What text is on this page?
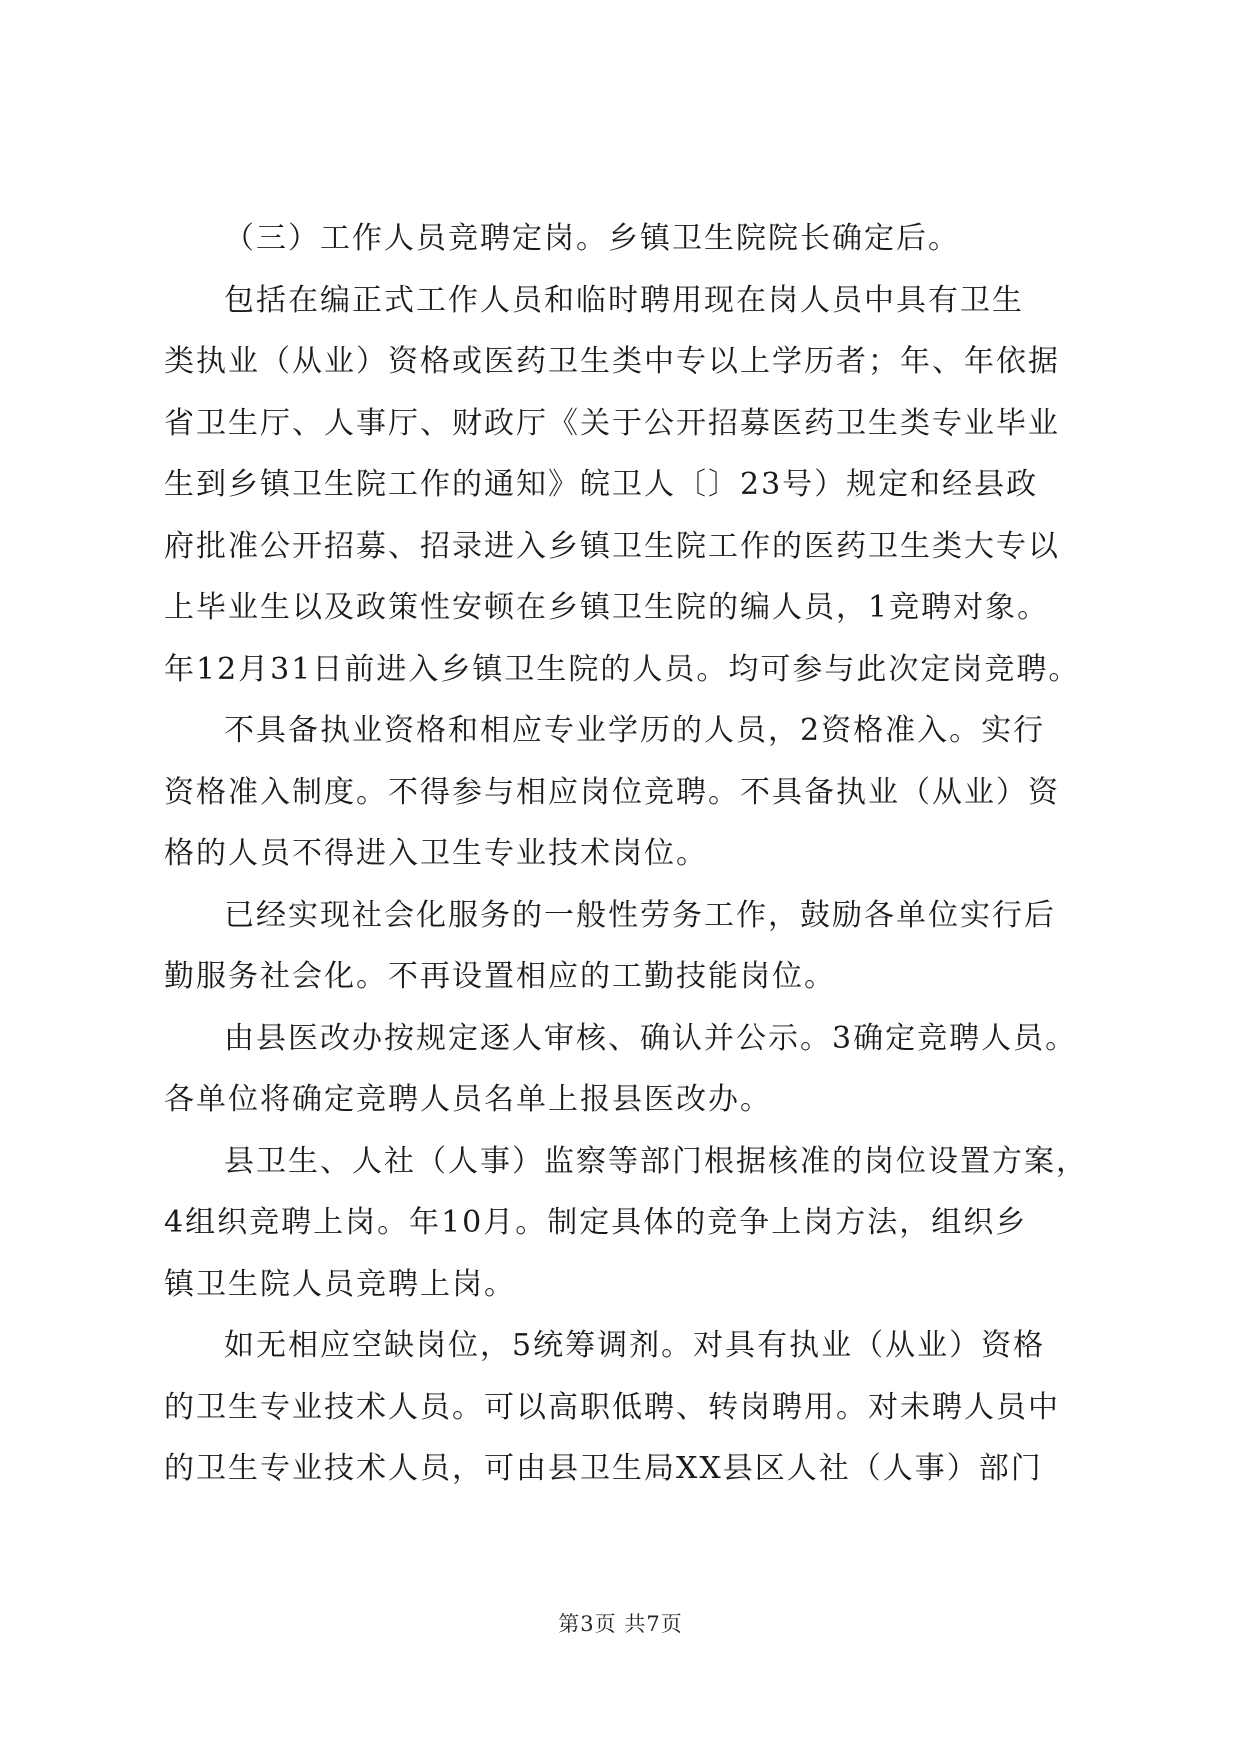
（三）工作人员竞聘定岗。乡镇卫生院院长确定后。
包括在编正式工作人员和临时聘用现在岗人员中具有卫生
类执业（从业）资格或医药卫生类中专以上学历者；年、年依据
省卫生厅、人事厅、财政厅《关于公开招募医药卫生类专业毕业
生到乡镇卫生院工作的通知》皖卫人〔〕23号）规定和经县政
府批准公开招募、招录进入乡镇卫生院工作的医药卫生类大专以
上毕业生以及政策性安顿在乡镇卫生院的编人员，1竞聘对象。
年12月31日前进入乡镇卫生院的人员。均可参与此次定岗竞聘。
不具备执业资格和相应专业学历的人员，2资格准入。实行
资格准入制度。不得参与相应岗位竞聘。不具备执业（从业）资
格的人员不得进入卫生专业技术岗位。
已经实现社会化服务的一般性劳务工作，鼓励各单位实行后
勤服务社会化。不再设置相应的工勤技能岗位。
由县医改办按规定逐人审核、确认并公示。3确定竞聘人员。
各单位将确定竞聘人员名单上报县医改办。
县卫生、人社（人事）监察等部门根据核准的岗位设置方案，
4组织竞聘上岗。年10月。制定具体的竞争上岗方法，组织乡
镇卫生院人员竞聘上岗。
如无相应空缺岗位，5统筹调剂。对具有执业（从业）资格
的卫生专业技术人员。可以高职低聘、转岗聘用。对未聘人员中
的卫生专业技术人员，可由县卫生局XX县区人社（人事）部门
第3页 共7页
